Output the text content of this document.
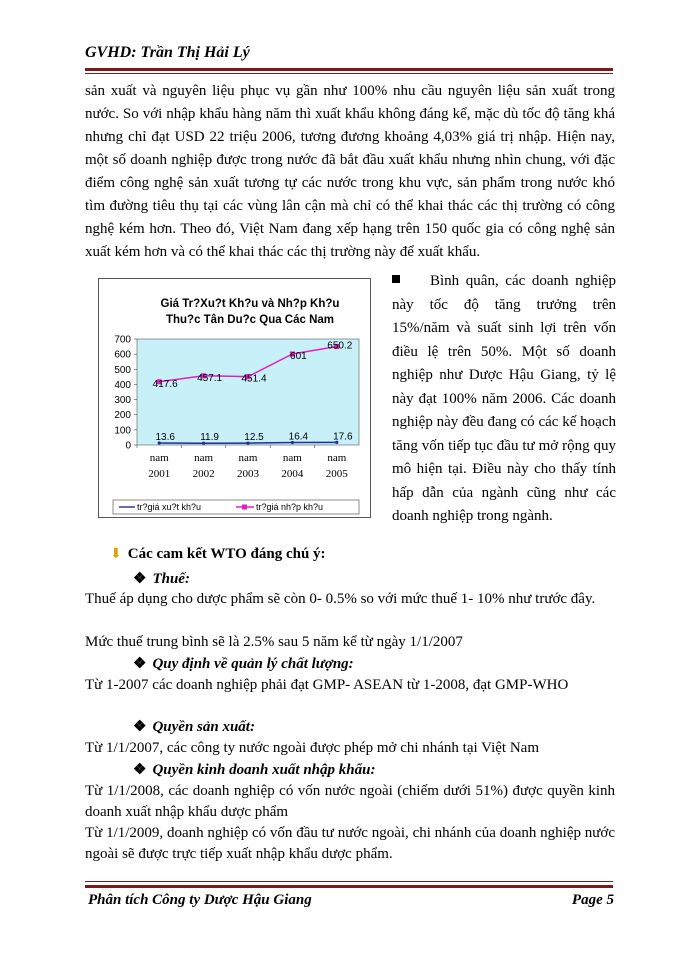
GVHD: Trần Thị Hải Lý
sản xuất và nguyên liệu phục vụ gần như 100% nhu cầu nguyên liệu sản xuất trong nước. So với nhập khẩu hàng năm thì xuất khẩu không đáng kể, mặc dù tốc độ tăng khá nhưng chỉ đạt USD 22 triệu 2006, tương đương khoảng 4,03% giá trị nhập. Hiện nay, một số doanh nghiệp được trong nước đã bắt đầu xuất khẩu nhưng nhìn chung, với đặc điểm công nghệ sản xuất tương tự các nước trong khu vực, sản phẩm trong nước khó tìm đường tiêu thụ tại các vùng lân cận mà chỉ có thể khai thác các thị trường có công nghệ kém hơn. Theo đó, Việt Nam đang xếp hạng trên 150 quốc gia có công nghệ sản xuất kém hơn và có thể khai thác các thị trường này để xuất khẩu.
Giá Tr?Xu?t Kh?u và Nh?p Kh?u
Thu?c Tân Du?c Qua Các Nam
0
100
200
300
400
500
600
700
nam
2001
nam
2002
nam
2003
nam
2004
nam
2005
13.6	11.9	12.5 16.4 17.6
417.6
457.1 451.4
601
650.2
tr?giá xu?t kh?u	tr?giá nh?p kh?u
Bình quân, các doanh nghiệp này tốc độ tăng trưởng trên 15%/năm và suất sinh lợi trên vốn điều lệ trên 50%. Một số doanh nghiệp như Dược Hậu Giang, tỷ lệ này đạt 100% năm 2006. Các doanh nghiệp này đều đang có các kế hoạch tăng vốn tiếp tục đầu tư mở rộng quy mô hiện tại. Điều này cho thấy tính hấp dẫn của ngành cũng như các doanh nghiệp trong ngành.
⬇ Các cam kết WTO đáng chú ý:
❖ Thuế:
Thuế áp dụng cho dược phẩm sẽ còn 0- 0.5% so với mức thuế 1- 10% như trước đây.
Mức thuế trung bình sẽ là 2.5% sau 5 năm kể từ ngày 1/1/2007
❖ Quy định về quản lý chất lượng:
Từ 1-2007 các doanh nghiệp phải đạt GMP- ASEAN từ 1-2008, đạt GMP-WHO
❖ Quyền sản xuất:
Từ 1/1/2007, các công ty nước ngoài được phép mở chi nhánh tại Việt Nam
❖ Quyền kinh doanh xuất nhập khẩu:
Từ 1/1/2008, các doanh nghiệp có vốn nước ngoài (chiếm dưới 51%) được quyền kinh doanh xuất nhập khẩu dược phẩm
Từ 1/1/2009, doanh nghiệp có vốn đầu tư nước ngoài, chi nhánh của doanh nghiệp nước ngoài sẽ được trực tiếp xuất nhập khẩu dược phẩm.
Phân tích Công ty Dược Hậu Giang	Page 5
